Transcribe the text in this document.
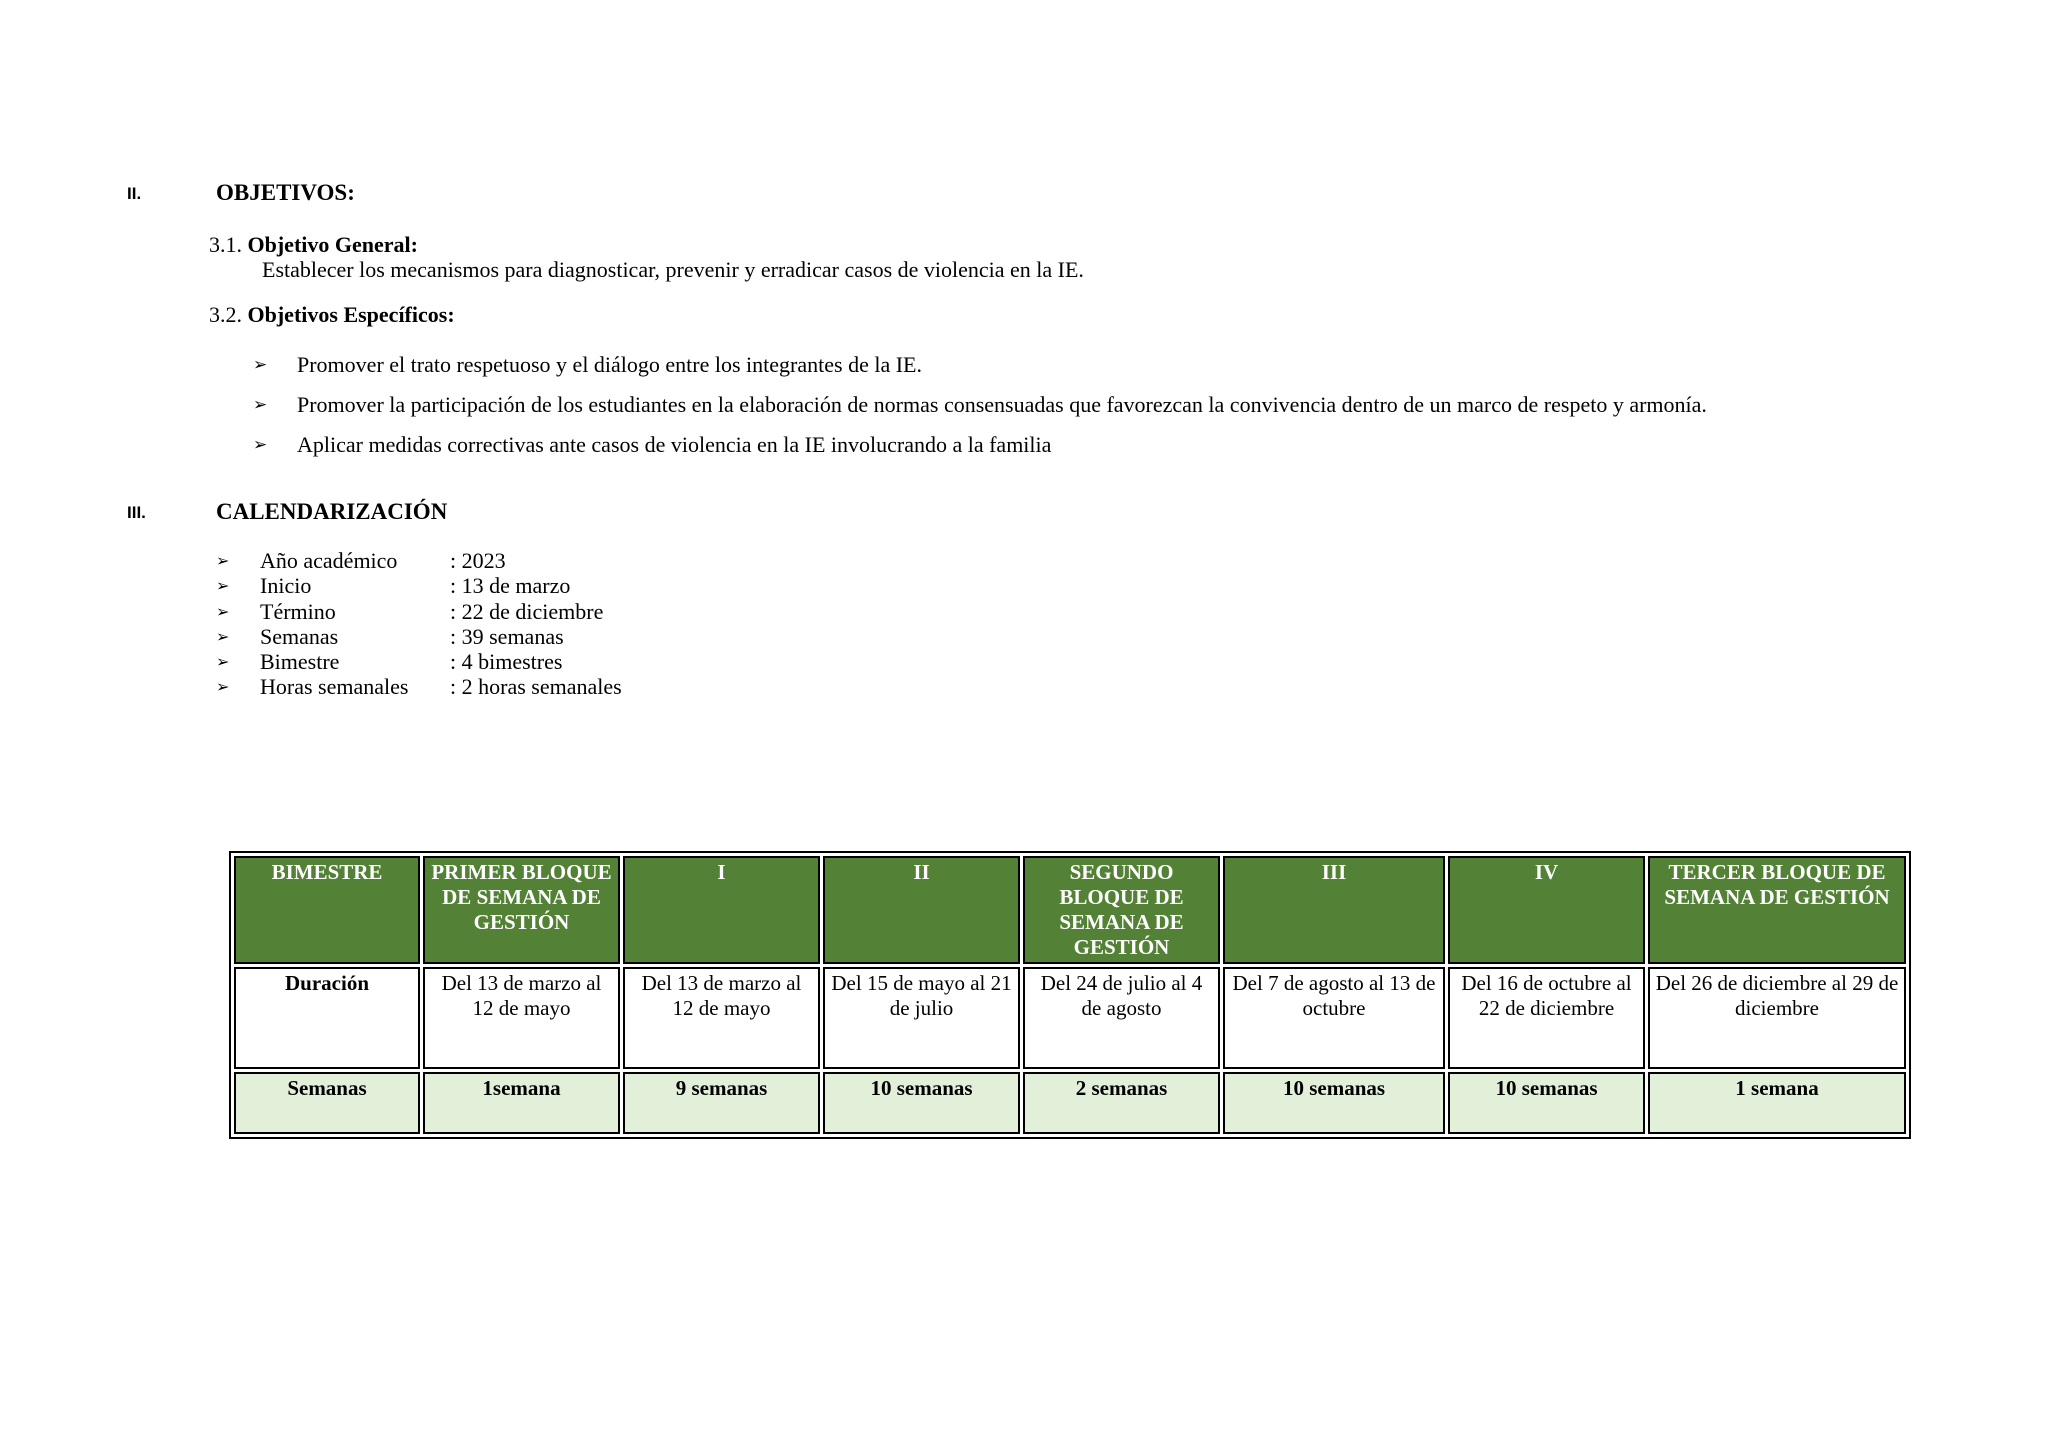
II.	OBJETIVOS:
3.1. Objetivo General:
Establecer los mecanismos para diagnosticar, prevenir y erradicar casos de violencia en la IE.
3.2. Objetivos Específicos:
➢	Promover el trato respetuoso y el diálogo entre los integrantes de la IE.
➢	Promover la participación de los estudiantes en la elaboración de normas consensuadas que favorezcan la convivencia dentro de un marco de respeto y armonía.
➢	Aplicar medidas correctivas ante casos de violencia en la IE involucrando a la familia
III.	CALENDARIZACIÓN
➢	Año académico	: 2023
➢	Inicio	: 13 de marzo
➢	Término	: 22 de diciembre
➢	Semanas	: 39 semanas
➢	Bimestre	: 4 bimestres
➢	Horas semanales	: 2 horas semanales
BIMESTRE	PRIMER BLOQUE DE SEMANA DE GESTIÓN	I	II	SEGUNDO BLOQUE DE SEMANA DE GESTIÓN	III	IV	TERCER BLOQUE DE SEMANA DE GESTIÓN
Duración	Del 13 de marzo al 12 de mayo	Del 13 de marzo al 12 de mayo	Del 15 de mayo al 21 de julio	Del 24 de julio al 4 de agosto	Del 7 de agosto al 13 de octubre	Del 16 de octubre al 22 de diciembre	Del 26 de diciembre al 29 de diciembre
Semanas	1semana	9 semanas	10 semanas	2 semanas	10 semanas	10 semanas	1 semana
